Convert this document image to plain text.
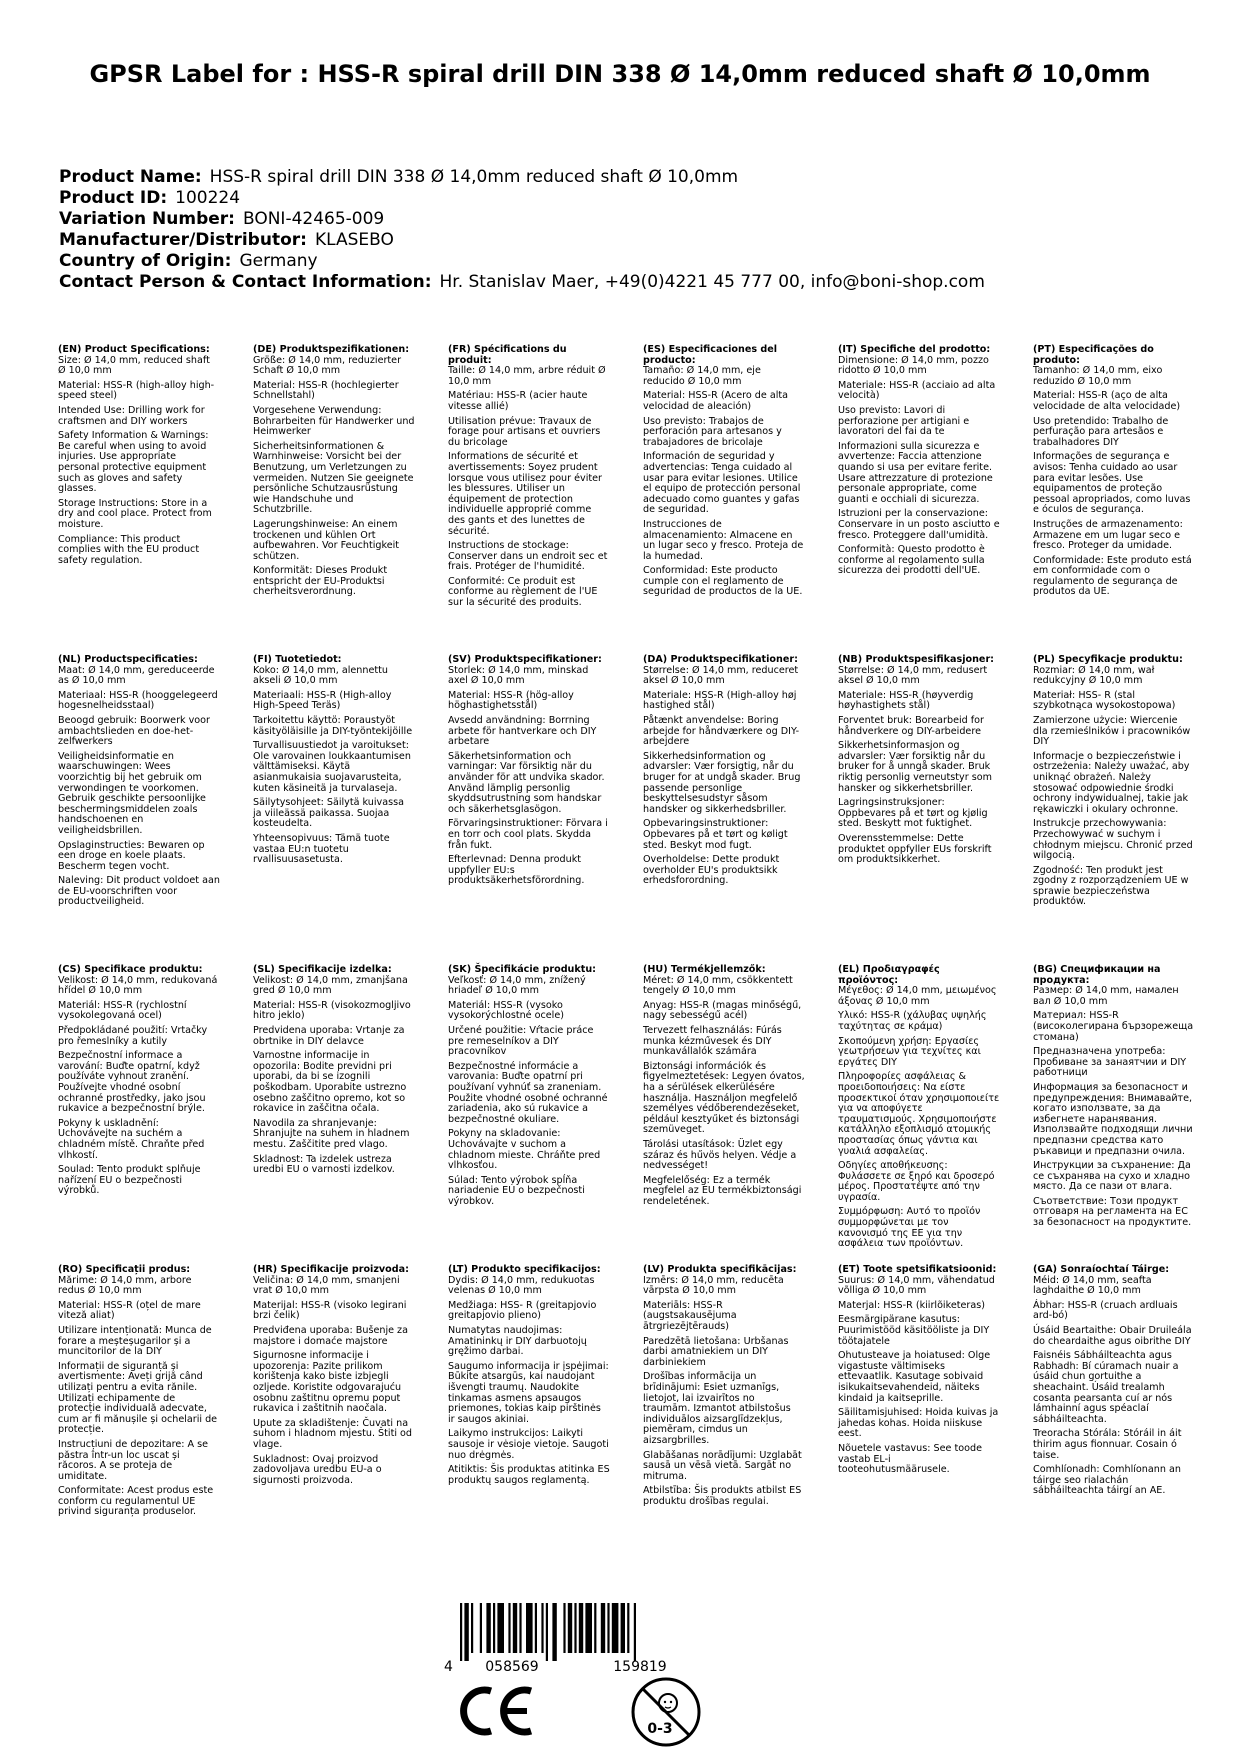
GPSR Label for : HSS-R spiral drill DIN 338 Ø 14,0mm reduced shaft Ø 10,0mm
Product Name: HSS-R spiral drill DIN 338 Ø 14,0mm reduced shaft Ø 10,0mm
Product ID: 100224
Variation Number: BONI-42465-009
Manufacturer/Distributor: KLASEBO
Country of Origin: Germany
Contact Person & Contact Information: Hr. Stanislav Maer, +49(0)4221 45 777 00, info@boni-shop.com
(EN) Product Specifications:

Size: Ø 14,0 mm, reduced shaft Ø 10,0 mm

Material: HSS-R (high-alloy high-speed steel)

Intended Use: Drilling work for craftsmen and DIY workers

Safety Information & Warnings: Be careful when using to avoid injuries. Use appropriate personal protective equipment such as gloves and safety glasses.

Storage Instructions: Store in a dry and cool place. Protect from moisture.

Compliance: This product complies with the EU product safety regulation.

(DE) Produktspezifikationen:

Größe: Ø 14,0 mm, reduzierter Schaft Ø 10,0 mm

Material: HSS-R (hochlegierter Schnellstahl)

Vorgesehene Verwendung: Bohrarbeiten für Handwerker und Heimwerker

Sicherheitsinformationen & Warnhinweise: Vorsicht bei der Benutzung, um Verletzungen zu vermeiden. Nutzen Sie geeignete persönliche Schutzausrüstung wie Handschuhe und Schutzbrille.

Lagerungshinweise: An einem trockenen und kühlen Ort aufbewahren. Vor Feuchtigkeit schützen.

Konformität: Dieses Produkt entspricht der EU-Produktsi cherheitsverordnung.

(FR) Spécifications du produit:

Taille: Ø 14,0 mm, arbre réduit Ø 10,0 mm

Matériau: HSS-R (acier haute vitesse allié)

Utilisation prévue: Travaux de forage pour artisans et ouvriers du bricolage

Informations de sécurité et avertissements: Soyez prudent lorsque vous utilisez pour éviter les blessures. Utiliser un équipement de protection individuelle approprié comme des gants et des lunettes de sécurité.

Instructions de stockage: Conserver dans un endroit sec et frais. Protéger de l'humidité.

Conformité: Ce produit est conforme au règlement de l'UE sur la sécurité des produits.

(ES) Especificaciones del producto:

Tamaño: Ø 14,0 mm, eje reducido Ø 10,0 mm

Material: HSS-R (Acero de alta velocidad de aleación)

Uso previsto: Trabajos de perforación para artesanos y trabajadores de bricolaje

Información de seguridad y advertencias: Tenga cuidado al usar para evitar lesiones. Utilice el equipo de protección personal adecuado como guantes y gafas de seguridad.

Instrucciones de almacenamiento: Almacene en un lugar seco y fresco. Proteja de la humedad.

Conformidad: Este producto cumple con el reglamento de seguridad de productos de la UE.

(IT) Specifiche del prodotto:

Dimensione: Ø 14,0 mm, pozzo ridotto Ø 10,0 mm

Materiale: HSS-R (acciaio ad alta velocità)

Uso previsto: Lavori di perforazione per artigiani e lavoratori del fai da te

Informazioni sulla sicurezza e avvertenze: Faccia attenzione quando si usa per evitare ferite. Usare attrezzature di protezione personale appropriate, come guanti e occhiali di sicurezza.

Istruzioni per la conservazione: Conservare in un posto asciutto e fresco. Proteggere dall'umidità.

Conformità: Questo prodotto è conforme al regolamento sulla sicurezza dei prodotti dell'UE.

(PT) Especificações do produto:

Tamanho: Ø 14,0 mm, eixo reduzido Ø 10,0 mm

Material: HSS-R (aço de alta velocidade de alta velocidade)

Uso pretendido: Trabalho de perfuração para artesãos e trabalhadores DIY

Informações de segurança e avisos: Tenha cuidado ao usar para evitar lesões. Use equipamentos de proteção pessoal apropriados, como luvas e óculos de segurança.

Instruções de armazenamento: Armazene em um lugar seco e fresco. Proteger da umidade.

Conformidade: Este produto está em conformidade com o regulamento de segurança de produtos da UE.

(NL) Productspecificaties:

Maat: Ø 14,0 mm, gereduceerde as Ø 10,0 mm

Materiaal: HSS-R (hooggelegeerd hogesnelheidsstaal)

Beoogd gebruik: Boorwerk voor ambachtslieden en doe-het-zelfwerkers

Veiligheidsinformatie en waarschuwingen: Wees voorzichtig bij het gebruik om verwondingen te voorkomen. Gebruik geschikte persoonlijke beschermingsmiddelen zoals handschoenen en veiligheidsbrillen.

Opslaginstructies: Bewaren op een droge en koele plaats. Bescherm tegen vocht.

Naleving: Dit product voldoet aan de EU-voorschriften voor productveiligheid.

(FI) Tuotetiedot:

Koko: Ø 14,0 mm, alennettu akseli Ø 10,0 mm

Materiaali: HSS-R (High-alloy High-Speed Teräs)

Tarkoitettu käyttö: Poraustyöt käsityöläisille ja DIY-työntekijöille

Turvallisuustiedot ja varoitukset: Ole varovainen loukkaantumisen välttämiseksi. Käytä asianmukaisia suojavarusteita, kuten käsineitä ja turvalaseja.

Säilytysohjeet: Säilytä kuivassa ja viileässä paikassa. Suojaa kosteudelta.

Yhteensopivuus: Tämä tuote vastaa EU:n tuotetu rvallisuusasetusta.

(SV) Produktspecifikationer:

Storlek: Ø 14,0 mm, minskad axel Ø 10,0 mm

Material: HSS-R (hög-alloy höghastighetsstål)

Avsedd användning: Borrning arbete för hantverkare och DIY arbetare

Säkerhetsinformation och varningar: Var försiktig när du använder för att undvika skador. Använd lämplig personlig skyddsutrustning som handskar och säkerhetsglasögon.

Förvaringsinstruktioner: Förvara i en torr och cool plats. Skydda från fukt.

Efterlevnad: Denna produkt uppfyller EU:s produktsäkerhetsförordning.

(DA) Produktspecifikationer:

Størrelse: Ø 14,0 mm, reduceret aksel Ø 10,0 mm

Materiale: HSS-R (High-alloy høj hastighed stål)

Påtænkt anvendelse: Boring arbejde for håndværkere og DIY-arbejdere

Sikkerhedsinformation og advarsler: Vær forsigtig, når du bruger for at undgå skader. Brug passende personlige beskyttelsesudstyr såsom handsker og sikkerhedsbriller.

Opbevaringsinstruktioner: Opbevares på et tørt og køligt sted. Beskyt mod fugt.

Overholdelse: Dette produkt overholder EU's produktsikk erhedsforordning.

(NB) Produktspesifikasjoner:

Størrelse: Ø 14,0 mm, redusert aksel Ø 10,0 mm

Materiale: HSS-R (høyverdig høyhastighets stål)

Forventet bruk: Borearbeid for håndverkere og DIY-arbeidere

Sikkerhetsinformasjon og advarsler: Vær forsiktig når du bruker for å unngå skader. Bruk riktig personlig verneutstyr som hansker og sikkerhetsbriller.

Lagringsinstruksjoner: Oppbevares på et tørt og kjølig sted. Beskytt mot fuktighet.

Overensstemmelse: Dette produktet oppfyller EUs forskrift om produktsikkerhet.

(PL) Specyfikacje produktu:

Rozmiar: Ø 14,0 mm, wał redukcyjny Ø 10,0 mm

Materiał: HSS- R (stal szybkotnąca wysokostopowa)

Zamierzone użycie: Wiercenie dla rzemieślników i pracowników DIY

Informacje o bezpieczeństwie i ostrzeżenia: Należy uważać, aby uniknąć obrażeń. Należy stosować odpowiednie środki ochrony indywidualnej, takie jak rękawiczki i okulary ochronne.

Instrukcje przechowywania: Przechowywać w suchym i chłodnym miejscu. Chronić przed wilgocią.

Zgodność: Ten produkt jest zgodny z rozporządzeniem UE w sprawie bezpieczeństwa produktów.

(CS) Specifikace produktu:

Velikost: Ø 14,0 mm, redukovaná hřídel Ø 10,0 mm

Materiál: HSS-R (rychlostní vysokolegovaná ocel)

Předpokládané použití: Vrtačky pro řemeslníky a kutily

Bezpečnostní informace a varování: Buďte opatrní, když používáte vyhnout zranění. Používejte vhodné osobní ochranné prostředky, jako jsou rukavice a bezpečnostní brýle.

Pokyny k uskladnění: Uchovávejte na suchém a chladném místě. Chraňte před vlhkostí.

Soulad: Tento produkt splňuje nařízení EU o bezpečnosti výrobků.

(SL) Specifikacije izdelka:

Velikost: Ø 14,0 mm, zmanjšana gred Ø 10,0 mm

Material: HSS-R (visokozmogljivo hitro jeklo)

Predvidena uporaba: Vrtanje za obrtnike in DIY delavce

Varnostne informacije in opozorila: Bodite previdni pri uporabi, da bi se izognili poškodbam. Uporabite ustrezno osebno zaščitno opremo, kot so rokavice in zaščitna očala.

Navodila za shranjevanje: Shranjujte na suhem in hladnem mestu. Zaščitite pred vlago.

Skladnost: Ta izdelek ustreza uredbi EU o varnosti izdelkov.

(SK) Špecifikácie produktu:

Veľkosť: Ø 14,0 mm, znížený hriadeľ Ø 10,0 mm

Materiál: HSS-R (vysoko vysokorýchlostné ocele)

Určené použitie: Vŕtacie práce pre remeselníkov a DIY pracovníkov

Bezpečnostné informácie a varovania: Buďte opatrní pri používaní vyhnúť sa zraneniam. Použite vhodné osobné ochranné zariadenia, ako sú rukavice a bezpečnostné okuliare.

Pokyny na skladovanie: Uchovávajte v suchom a chladnom mieste. Chráňte pred vlhkosťou.

Súlad: Tento výrobok spĺňa nariadenie EÚ o bezpečnosti výrobkov.

(HU) Termékjellemzők:

Méret: Ø 14,0 mm, csökkentett tengely Ø 10,0 mm

Anyag: HSS-R (magas minőségű, nagy sebességű acél)

Tervezett felhasználás: Fúrás munka kézművesek és DIY munkavállalók számára

Biztonsági információk és figyelmeztetések: Legyen óvatos, ha a sérülések elkerülésére használja. Használjon megfelelő személyes védőberendezéseket, például kesztyűket és biztonsági szemüveget.

Tárolási utasítások: Üzlet egy száraz és hűvös helyen. Védje a nedvességet!

Megfelelőség: Ez a termék megfelel az EU termékbiztonsági rendeletének.

(EL) Προδιαγραφές προϊόντος:

Μέγεθος: Ø 14,0 mm, μειωμένος άξονας Ø 10,0 mm

Υλικό: HSS-R (χάλυβας υψηλής ταχύτητας σε κράμα)

Σκοπούμενη χρήση: Εργασίες γεωτρήσεων για τεχνίτες και εργάτες DIY

Πληροφορίες ασφάλειας & προειδοποιήσεις: Να είστε προσεκτικοί όταν χρησιμοποιείτε για να αποφύγετε τραυματισμούς. Χρησιμοποιήστε κατάλληλο εξοπλισμό ατομικής προστασίας όπως γάντια και γυαλιά ασφαλείας.

Οδηγίες αποθήκευσης: Φυλάσσετε σε ξηρό και δροσερό μέρος. Προστατέψτε από την υγρασία.

Συμμόρφωση: Αυτό το προϊόν συμμορφώνεται με τον κανονισμό της ΕΕ για την ασφάλεια των προϊόντων.

(BG) Спецификации на продукта:

Размер: Ø 14,0 mm, намален вал Ø 10,0 mm

Материал: HSS-R (високолегирана бързорежеща стомана)

Предназначена употреба: Пробиване за занаятчии и DIY работници

Информация за безопасност и предупреждения: Внимавайте, когато използвате, за да избегнете наранявания. Използвайте подходящи лични предпазни средства като ръкавици и предпазни очила.

Инструкции за съхранение: Да се съхранява на сухо и хладно място. Да се пази от влага.

Съответствие: Този продукт отговаря на регламента на ЕС за безопасност на продуктите.

(RO) Specificații produs:

Mărime: Ø 14,0 mm, arbore redus Ø 10,0 mm

Material: HSS-R (oțel de mare viteză aliat)

Utilizare intenționată: Munca de forare a meșteșugarilor și a muncitorilor de la DIY

Informații de siguranță și avertismente: Aveți grijă când utilizați pentru a evita rănile. Utilizați echipamente de protecție individuală adecvate, cum ar fi mănușile și ochelarii de protecție.

Instrucțiuni de depozitare: A se păstra într-un loc uscat și răcoros. A se proteja de umiditate.

Conformitate: Acest produs este conform cu regulamentul UE privind siguranța produselor.

(HR) Specifikacije proizvoda:

Veličina: Ø 14,0 mm, smanjeni vrat Ø 10,0 mm

Materijal: HSS-R (visoko legirani brzi čelik)

Predviđena uporaba: Bušenje za majstore i domaće majstore

Sigurnosne informacije i upozorenja: Pazite prilikom korištenja kako biste izbjegli ozljede. Koristite odgovarajuću osobnu zaštitnu opremu poput rukavica i zaštitnih naočala.

Upute za skladištenje: Čuvati na suhom i hladnom mjestu. Štiti od vlage.

Sukladnost: Ovaj proizvod zadovoljava uredbu EU-a o sigurnosti proizvoda.

(LT) Produkto specifikacijos:

Dydis: Ø 14,0 mm, redukuotas velenas Ø 10,0 mm

Medžiaga: HSS- R (greitapjovio greitapjovio plieno)

Numatytas naudojimas: Amatininkų ir DIY darbuotojų gręžimo darbai.

Saugumo informacija ir įspėjimai: Būkite atsargūs, kai naudojant išvengti traumų. Naudokite tinkamas asmens apsaugos priemones, tokias kaip pirštinės ir saugos akiniai.

Laikymo instrukcijos: Laikyti sausoje ir vėsioje vietoje. Saugoti nuo drėgmės.

Atitiktis: Šis produktas atitinka ES produktų saugos reglamentą.

(LV) Produkta specifikācijas:

Izmērs: Ø 14,0 mm, reducēta vārpsta Ø 10,0 mm

Materiāls: HSS-R (augstsakausējuma ātrgriezējtērauds)

Paredzētā lietošana: Urbšanas darbi amatniekiem un DIY darbiniekiem

Drošības informācija un brīdinājumi: Esiet uzmanīgs, lietojot, lai izvairītos no traumām. Izmantot atbilstošus individuālos aizsarglīdzekļus, piemēram, cimdus un aizsargbrilles.

Glabāšanas norādījumi: Uzglabāt sausā un vēsā vietā. Sargāt no mitruma.

Atbilstība: Šis produkts atbilst ES produktu drošības regulai.

(ET) Toote spetsifikatsioonid:

Suurus: Ø 14,0 mm, vähendatud võlliga Ø 10,0 mm

Materjal: HSS-R (kiirlõiketeras)

Eesmärgipärane kasutus: Puurimistööd käsitööliste ja DIY töötajatele

Ohutusteave ja hoiatused: Olge vigastuste vältimiseks ettevaatlik. Kasutage sobivaid isikukaitsevahendeid, näiteks kindaid ja kaitseprille.

Säilitamisjuhised: Hoida kuivas ja jahedas kohas. Hoida niiskuse eest.

Nõuetele vastavus: See toode vastab EL-i tooteohutusmäärusele.

(GA) Sonraíochtaí Táirge:

Méid: Ø 14,0 mm, seafta laghdaithe Ø 10,0 mm

Ábhar: HSS-R (cruach ardluais ard-bó)

Úsáid Beartaithe: Obair Druileála do cheardaithe agus oibrithe DIY

Faisnéis Sábháilteachta agus Rabhadh: Bí cúramach nuair a úsáid chun gortuithe a sheachaint. Úsáid trealamh cosanta pearsanta cuí ar nós lámhainní agus spéaclaí sábháilteachta.

Treoracha Stórála: Stóráil in áit thirim agus fionnuar. Cosain ó taise.

Comhlíonadh: Comhlíonann an táirge seo rialachán sábháilteachta táirgí an AE.

4 058569	159819
0-3
